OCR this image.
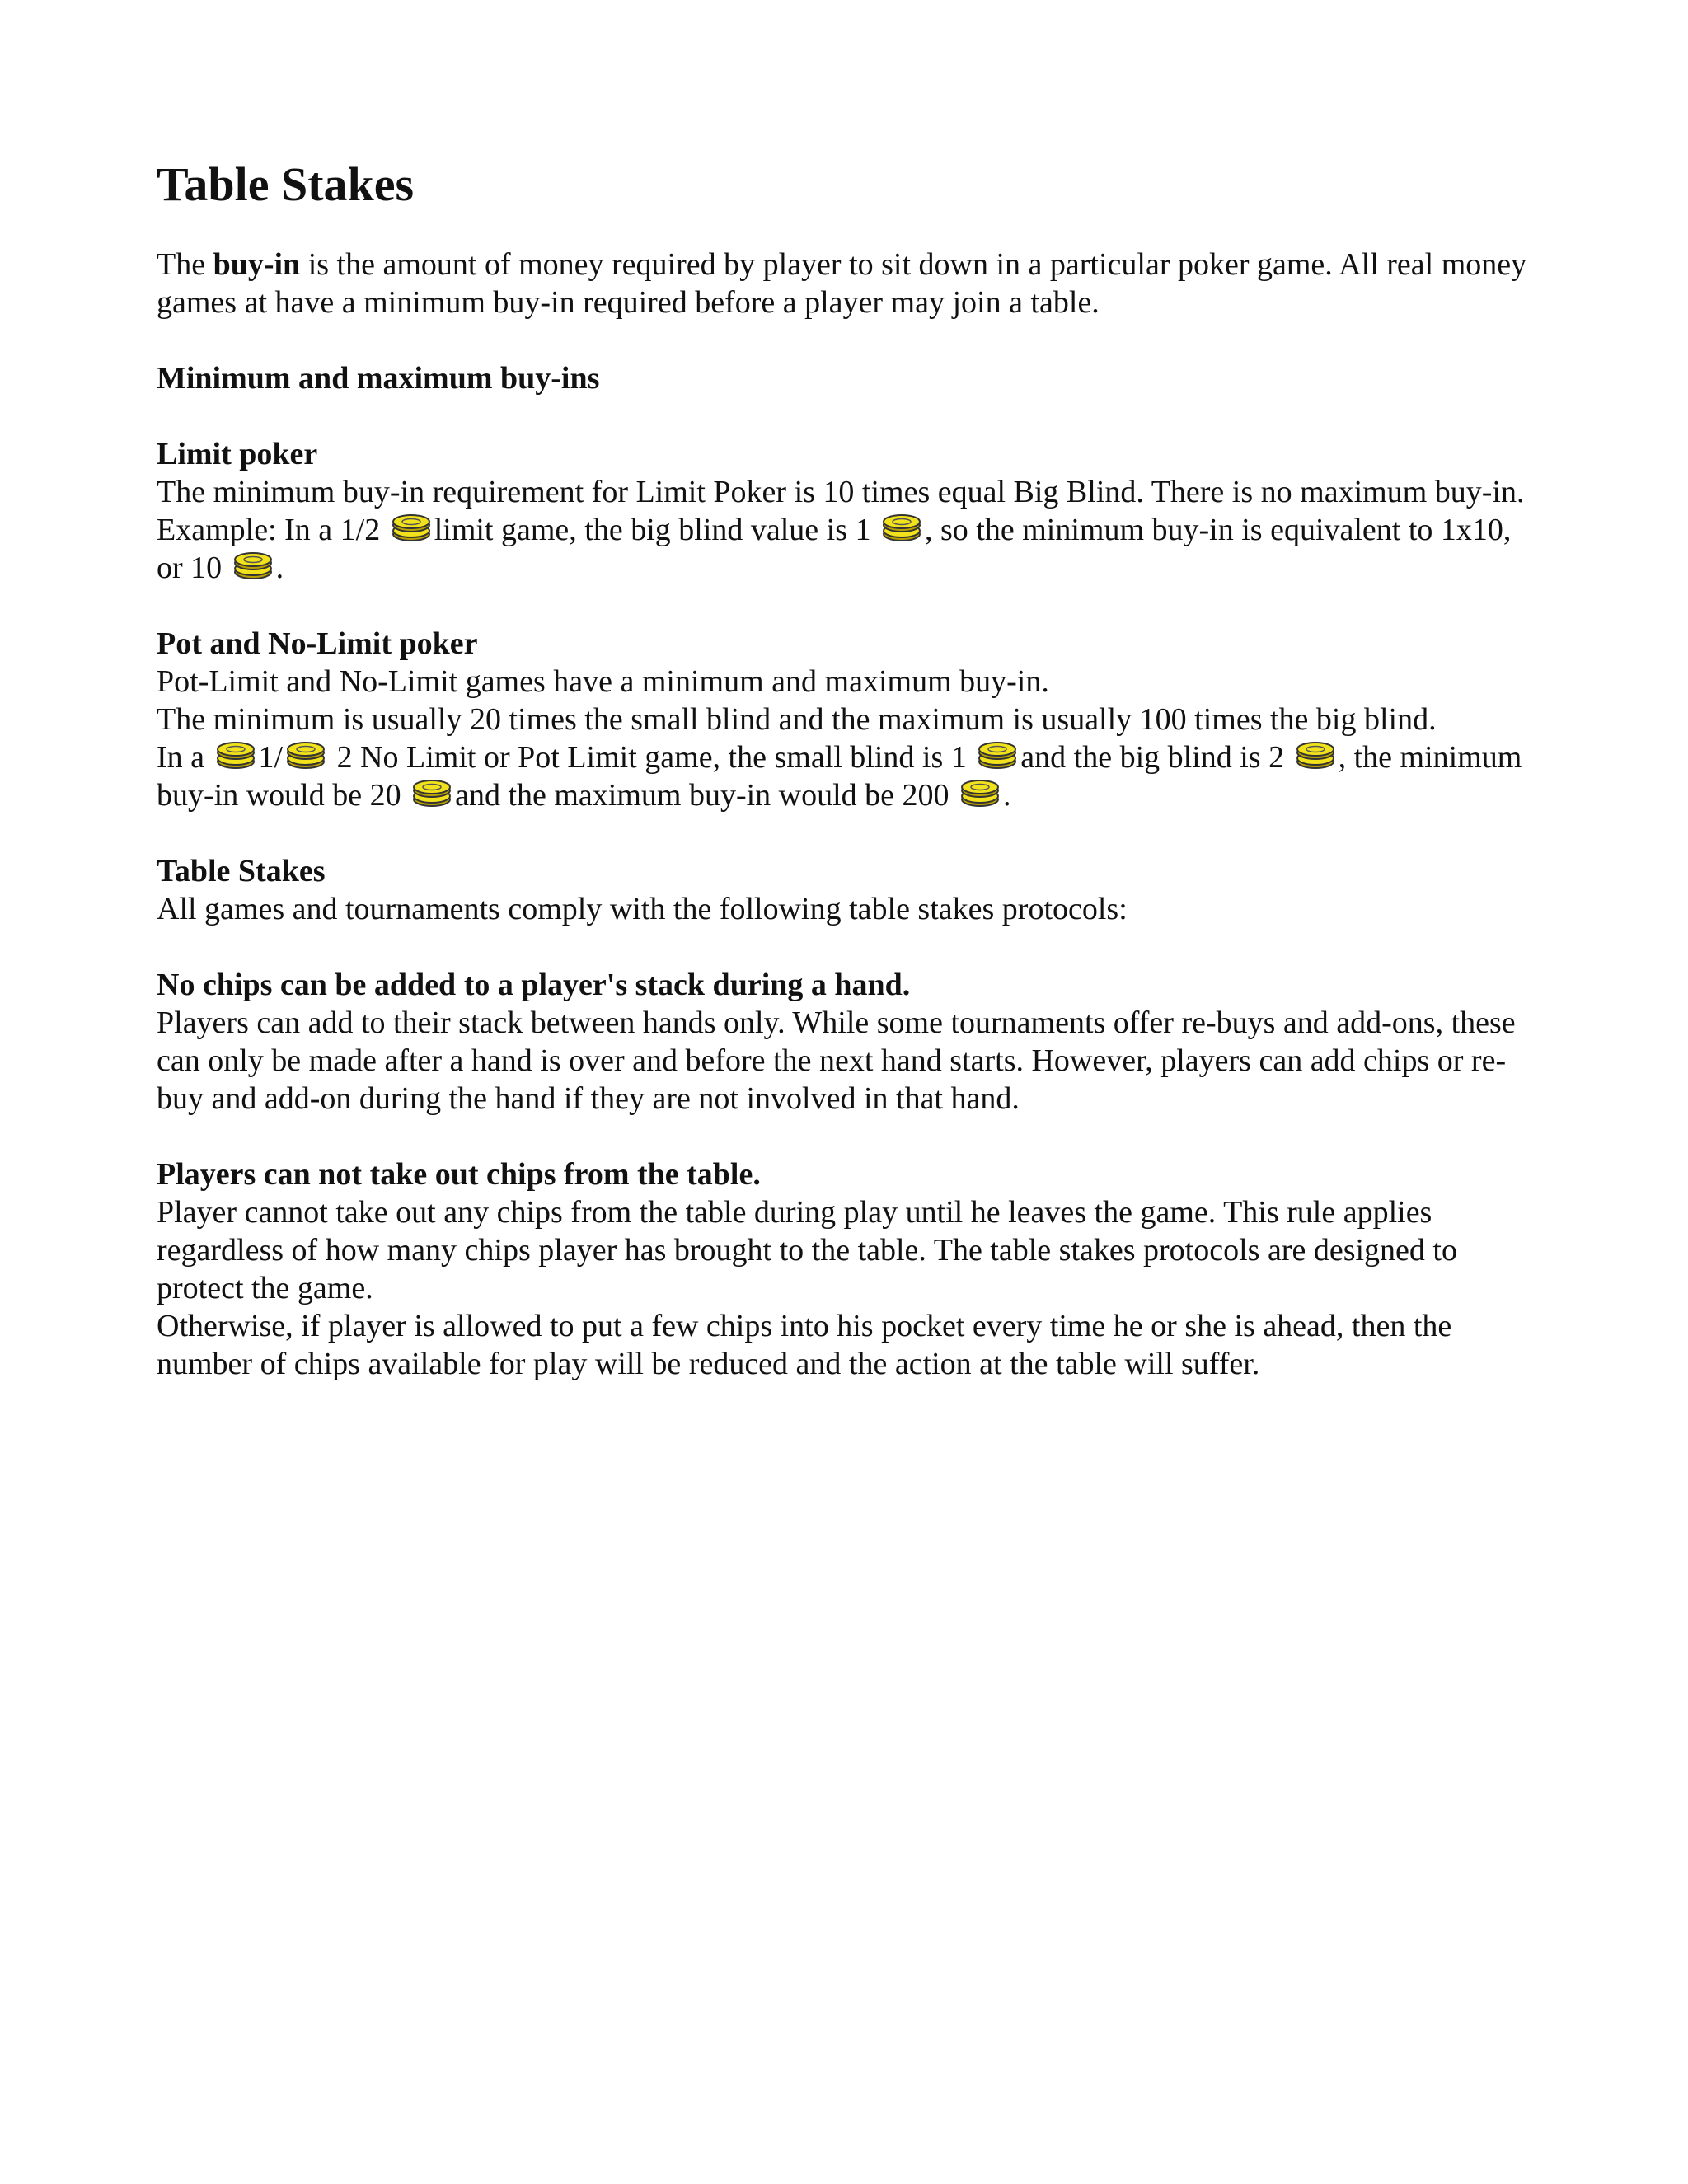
Table Stakes

The buy-in is the amount of money required by player to sit down in a particular poker game. All real money games at have a minimum buy-in required before a player may join a table.

Minimum and maximum buy-ins

Limit poker

The minimum buy-in requirement for Limit Poker is 10 times equal Big Blind. There is no maximum buy-in.

Example: In a 1/2 limit game, the big blind value is 1 , so the minimum buy-in is equivalent to 1x10, or 10 .

Pot and No-Limit poker

Pot-Limit and No-Limit games have a minimum and maximum buy-in.

The minimum is usually 20 times the small blind and the maximum is usually 100 times the big blind.

In a 1/ 2 No Limit or Pot Limit game, the small blind is 1 and the big blind is 2 , the minimum buy-in would be 20 and the maximum buy-in would be 200 .

Table Stakes

All games and tournaments comply with the following table stakes protocols:

No chips can be added to a player's stack during a hand.

Players can add to their stack between hands only. While some tournaments offer re-buys and add-ons, these can only be made after a hand is over and before the next hand starts. However, players can add chips or re-buy and add-on during the hand if they are not involved in that hand.

Players can not take out chips from the table.

Player cannot take out any chips from the table during play until he leaves the game. This rule applies regardless of how many chips player has brought to the table. The table stakes protocols are designed to protect the game.

Otherwise, if player is allowed to put a few chips into his pocket every time he or she is ahead, then the number of chips available for play will be reduced and the action at the table will suffer.
